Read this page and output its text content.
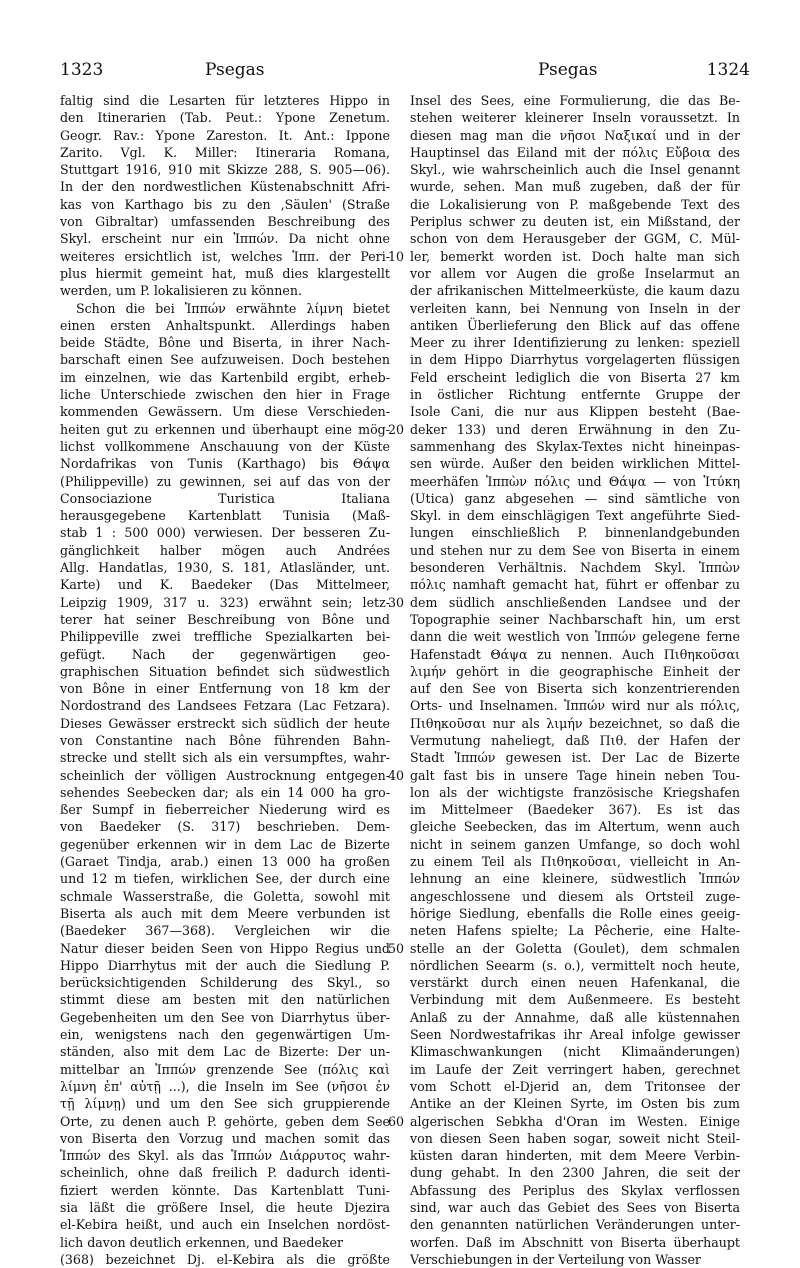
1323	Psegas	Psegas	1324
faltig sind die Lesarten für letzteres Hippo in
den Itinerarien (Tab. Peut.: Ypone Zenetum.
Geogr. Rav.: Ypone Zareston. It. Ant.: Ippone
Zarito. Vgl. K. Miller: Itineraria Romana,
Stuttgart 1916, 910 mit Skizze 288, S. 905—06).
In der den nordwestlichen Küstenabschnitt Afri-
kas von Karthago bis zu den ‚Säulen' (Straße
von Gibraltar) umfassenden Beschreibung des
Skyl. erscheint nur ein Ἱππών. Da nicht ohne
weiteres ersichtlich ist, welches Ἱππ. der Peri-
plus hiermit gemeint hat, muß dies klargestellt
werden, um P. lokalisieren zu können.
Schon die bei Ἱππών erwähnte λίμνη bietet
einen ersten Anhaltspunkt. Allerdings haben
beide Städte, Bône und Biserta, in ihrer Nach-
barschaft einen See aufzuweisen. Doch bestehen
im einzelnen, wie das Kartenbild ergibt, erheb-
liche Unterschiede zwischen den hier in Frage
kommenden Gewässern. Um diese Verschieden-
heiten gut zu erkennen und überhaupt eine mög-
lichst vollkommene Anschauung von der Küste
Nordafrikas von Tunis (Karthago) bis Θάψα
(Philippeville) zu gewinnen, sei auf das von der
Consociazione Turistica Italiana
herausgegebene Kartenblatt Tunisia (Maß-
stab 1 : 500 000) verwiesen. Der besseren Zu-
gänglichkeit halber mögen auch Andrées
Allg. Handatlas, 1930, S. 181, Atlasländer, unt.
Karte) und K. Baedeker (Das Mittelmeer,
Leipzig 1909, 317 u. 323) erwähnt sein; letz-
terer hat seiner Beschreibung von Bône und
Philippeville zwei treffliche Spezialkarten bei-
gefügt. Nach der gegenwärtigen geo-
graphischen Situation befindet sich südwestlich
von Bône in einer Entfernung von 18 km der
Nordostrand des Landsees Fetzara (Lac Fetzara).
Dieses Gewässer erstreckt sich südlich der heute
von Constantine nach Bône führenden Bahn-
strecke und stellt sich als ein versumpftes, wahr-
scheinlich der völligen Austrocknung entgegen-
sehendes Seebecken dar; als ein 14 000 ha gro-
ßer Sumpf in fieberreicher Niederung wird es
von Baedeker (S. 317) beschrieben. Dem-
gegenüber erkennen wir in dem Lac de Bizerte
(Garaet Tindja, arab.) einen 13 000 ha großen
und 12 m tiefen, wirklichen See, der durch eine
schmale Wasserstraße, die Goletta, sowohl mit
Biserta als auch mit dem Meere verbunden ist
(Baedeker 367—368). Vergleichen wir die
Natur dieser beiden Seen von Hippo Regius und
Hippo Diarrhytus mit der auch die Siedlung P.
berücksichtigenden Schilderung des Skyl., so
stimmt diese am besten mit den natürlichen
Gegebenheiten um den See von Diarrhytus über-
ein, wenigstens nach den gegenwärtigen Um-
ständen, also mit dem Lac de Bizerte: Der un-
mittelbar an Ἱππών grenzende See (πόλις καὶ
λίμνη ἐπ' αὐτῇ ...), die Inseln im See (νῆσοι ἐν
τῇ λίμνῃ) und um den See sich gruppierende
Orte, zu denen auch P. gehörte, geben dem See
von Biserta den Vorzug und machen somit das
Ἱππών des Skyl. als das Ἱππών Διάρρυτος wahr-
scheinlich, ohne daß freilich P. dadurch identi-
fiziert werden könnte. Das Kartenblatt Tuni-
sia läßt die größere Insel, die heute Djezira
el-Kebira heißt, und auch ein Inselchen nordöst-
lich davon deutlich erkennen, und Baedeker
(368) bezeichnet Dj. el-Kebira als die größte
Insel des Sees, eine Formulierung, die das Be-
stehen weiterer kleinerer Inseln voraussetzt. In
diesen mag man die νῆσοι Ναξικαί und in der
Hauptinsel das Eiland mit der πόλις Εὔβοια des
Skyl., wie wahrscheinlich auch die Insel genannt
wurde, sehen. Man muß zugeben, daß der für
die Lokalisierung von P. maßgebende Text des
Periplus schwer zu deuten ist, ein Mißstand, der
schon von dem Herausgeber der GGM, C. Mül-
ler, bemerkt worden ist. Doch halte man sich
vor allem vor Augen die große Inselarmut an
der afrikanischen Mittelmeerküste, die kaum dazu
verleiten kann, bei Nennung von Inseln in der
antiken Überlieferung den Blick auf das offene
Meer zu ihrer Identifizierung zu lenken: speziell
in dem Hippo Diarrhytus vorgelagerten flüssigen
Feld erscheint lediglich die von Biserta 27 km
in östlicher Richtung entfernte Gruppe der
Isole Cani, die nur aus Klippen besteht (Bae-
deker 133) und deren Erwähnung in den Zu-
sammenhang des Skylax-Textes nicht hineinpas-
sen würde. Außer den beiden wirklichen Mittel-
meerhäfen Ἱππὼν πόλις und Θάψα — von Ἰτύκη
(Utica) ganz abgesehen — sind sämtliche von
Skyl. in dem einschlägigen Text angeführte Sied-
lungen einschließlich P. binnenlandgebunden
und stehen nur zu dem See von Biserta in einem
besonderen Verhältnis. Nachdem Skyl. Ἱππὼν
πόλις namhaft gemacht hat, führt er offenbar zu
dem südlich anschließenden Landsee und der
Topographie seiner Nachbarschaft hin, um erst
dann die weit westlich von Ἱππών gelegene ferne
Hafenstadt Θάψα zu nennen. Auch Πιθηκοῦσαι
λιμήν gehört in die geographische Einheit der
auf den See von Biserta sich konzentrierenden
Orts- und Inselnamen. Ἱππών wird nur als πόλις,
Πιθηκοῦσαι nur als λιμήν bezeichnet, so daß die
Vermutung naheliegt, daß Πιθ. der Hafen der
Stadt Ἱππών gewesen ist. Der Lac de Bizerte
galt fast bis in unsere Tage hinein neben Tou-
lon als der wichtigste französische Kriegshafen
im Mittelmeer (Baedeker 367). Es ist das
gleiche Seebecken, das im Altertum, wenn auch
nicht in seinem ganzen Umfange, so doch wohl
zu einem Teil als Πιθηκοῦσαι, vielleicht in An-
lehnung an eine kleinere, südwestlich Ἱππών
angeschlossene und diesem als Ortsteil zuge-
hörige Siedlung, ebenfalls die Rolle eines geeig-
neten Hafens spielte; La Pêcherie, eine Halte-
stelle an der Goletta (Goulet), dem schmalen
nördlichen Seearm (s. o.), vermittelt noch heute,
verstärkt durch einen neuen Hafenkanal, die
Verbindung mit dem Außenmeere. Es besteht
Anlaß zu der Annahme, daß alle küstennahen
Seen Nordwestafrikas ihr Areal infolge gewisser
Klimaschwankungen (nicht Klimaänderungen)
im Laufe der Zeit verringert haben, gerechnet
vom Schott el-Djerid an, dem Tritonsee der
Antike an der Kleinen Syrte, im Osten bis zum
algerischen Sebkha d'Oran im Westen. Einige
von diesen Seen haben sogar, soweit nicht Steil-
küsten daran hinderten, mit dem Meere Verbin-
dung gehabt. In den 2300 Jahren, die seit der
Abfassung des Periplus des Skylax verflossen
sind, war auch das Gebiet des Sees von Biserta
den genannten natürlichen Veränderungen unter-
worfen. Daß im Abschnitt von Biserta überhaupt
Verschiebungen in der Verteilung von Wasser
10
20
30
40
50
60
